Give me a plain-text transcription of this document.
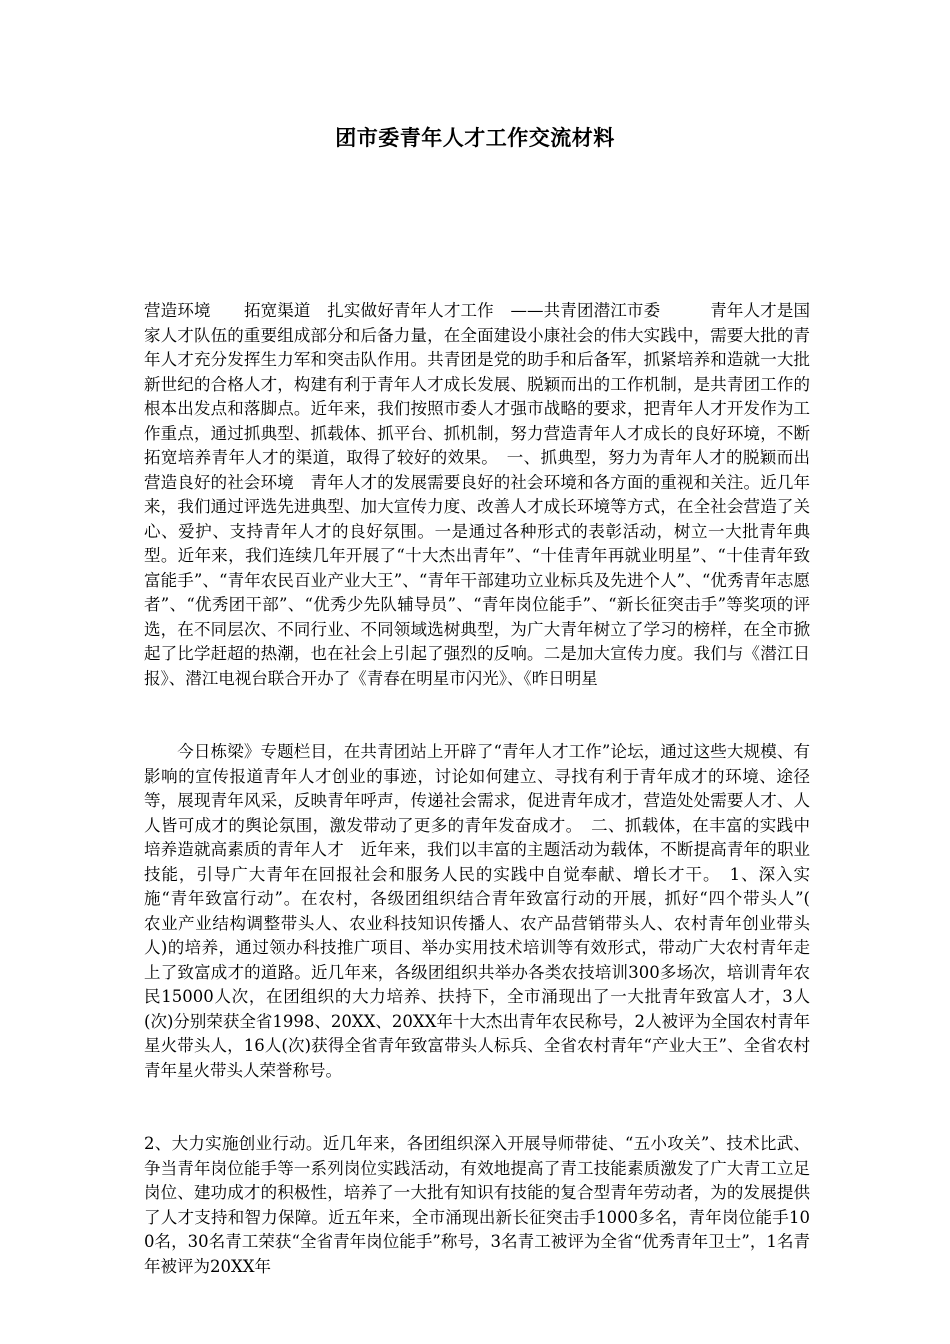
团市委青年人才工作交流材料

营造环境　　拓宽渠道　扎实做好青年人才工作　——共青团潜江市委　　　青年人才是国家人才队伍的重要组成部分和后备力量，在全面建设小康社会的伟大实践中，需要大批的青年人才充分发挥生力军和突击队作用。共青团是党的助手和后备军，抓紧培养和造就一大批新世纪的合格人才，构建有利于青年人才成长发展、脱颖而出的工作机制，是共青团工作的根本出发点和落脚点。近年来，我们按照市委人才强市战略的要求，把青年人才开发作为工作重点，通过抓典型、抓载体、抓平台、抓机制，努力营造青年人才成长的良好环境，不断拓宽培养青年人才的渠道，取得了较好的效果。　一、抓典型，努力为青年人才的脱颖而出营造良好的社会环境　青年人才的发展需要良好的社会环境和各方面的重视和关注。近几年来，我们通过评选先进典型、加大宣传力度、改善人才成长环境等方式，在全社会营造了关心、爱护、支持青年人才的良好氛围。一是通过各种形式的表彰活动，树立一大批青年典型。近年来，我们连续几年开展了“十大杰出青年”、“十佳青年再就业明星”、“十佳青年致富能手”、“青年农民百业产业大王”、“青年干部建功立业标兵及先进个人”、“优秀青年志愿者”、“优秀团干部”、“优秀少先队辅导员”、“青年岗位能手”、“新长征突击手”等奖项的评选，在不同层次、不同行业、不同领域选树典型，为广大青年树立了学习的榜样，在全市掀起了比学赶超的热潮，也在社会上引起了强烈的反响。二是加大宣传力度。我们与《潜江日报》、潜江电视台联合开办了《青春在明星市闪光》、《昨日明星

　　今日栋梁》专题栏目，在共青团站上开辟了“青年人才工作”论坛，通过这些大规模、有影响的宣传报道青年人才创业的事迹，讨论如何建立、寻找有利于青年成才的环境、途径等，展现青年风采，反映青年呼声，传递社会需求，促进青年成才，营造处处需要人才、人人皆可成才的舆论氛围，激发带动了更多的青年发奋成才。　二、抓载体，在丰富的实践中培养造就高素质的青年人才　近年来，我们以丰富的主题活动为载体，不断提高青年的职业技能，引导广大青年在回报社会和服务人民的实践中自觉奉献、增长才干。　1、深入实施“青年致富行动”。在农村，各级团组织结合青年致富行动的开展，抓好“四个带头人”(　农业产业结构调整带头人、农业科技知识传播人、农产品营销带头人、农村青年创业带头人)的培养，通过领办科技推广项目、举办实用技术培训等有效形式，带动广大农村青年走上了致富成才的道路。近几年来，各级团组织共举办各类农技培训300多场次，培训青年农民15000人次，在团组织的大力培养、扶持下，全市涌现出了一大批青年致富人才，3人(次)分别荣获全省1998、20XX、20XX年十大杰出青年农民称号，2人被评为全国农村青年星火带头人，16人(次)获得全省青年致富带头人标兵、全省农村青年“产业大王”、全省农村青年星火带头人荣誉称号。

2、大力实施创业行动。近几年来，各团组织深入开展导师带徒、“五小攻关”、技术比武、争当青年岗位能手等一系列岗位实践活动，有效地提高了青工技能素质激发了广大青工立足岗位、建功成才的积极性，培养了一大批有知识有技能的复合型青年劳动者，为的发展提供了人才支持和智力保障。近五年来，全市涌现出新长征突击手1000多名，青年岗位能手100名，30名青工荣获“全省青年岗位能手”称号，3名青工被评为全省“优秀青年卫士”，1名青年被评为20XX年
